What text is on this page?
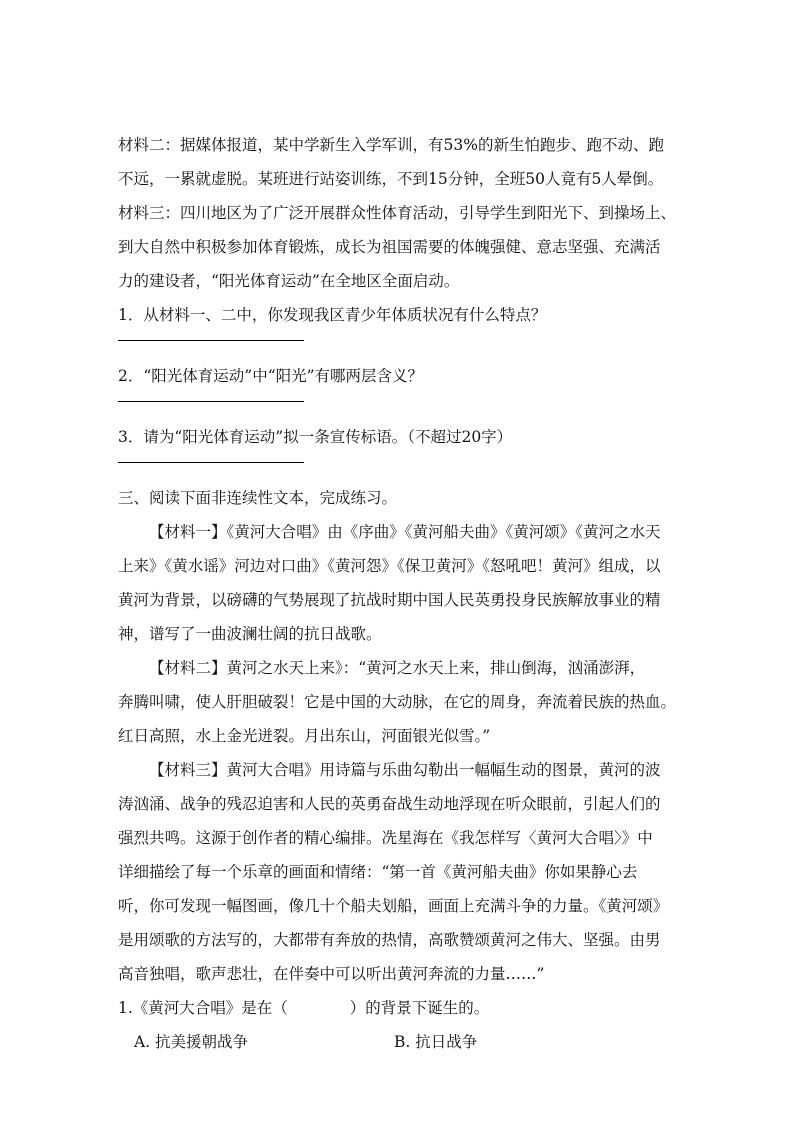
材料二：据媒体报道，某中学新生入学军训，有53%的新生怕跑步、跑不动、跑

不远，一累就虚脱。某班进行站姿训练，不到15分钟，全班50人竟有5人晕倒。

材料三：四川地区为了广泛开展群众性体育活动，引导学生到阳光下、到操场上、

到大自然中积极参加体育锻炼，成长为祖国需要的体魄强健、意志坚强、充满活

力的建设者，“阳光体育运动”在全地区全面启动。

1．从材料一、二中，你发现我区青少年体质状况有什么特点？

2．“阳光体育运动”中“阳光”有哪两层含义？

3．请为“阳光体育运动”拟一条宣传标语。（不超过20字）

三、阅读下面非连续性文本，完成练习。

【材料一】《黄河大合唱》由《序曲》《黄河船夫曲》《黄河颂》《黄河之水天

上来》《黄水谣》河边对口曲》《黄河怨》《保卫黄河》《怒吼吧！黄河》组成，以

黄河为背景，以磅礴的气势展现了抗战时期中国人民英勇投身民族解放事业的精

神，谱写了一曲波澜壮阔的抗日战歌。

【材料二】黄河之水天上来》：“黄河之水天上来，排山倒海，汹涌澎湃，

奔腾叫啸，使人肝胆破裂！它是中国的大动脉，在它的周身，奔流着民族的热血。

红日高照，水上金光迸裂。月出东山，河面银光似雪。”

【材料三】黄河大合唱》用诗篇与乐曲勾勒出一幅幅生动的图景，黄河的波

涛汹涌、战争的残忍迫害和人民的英勇奋战生动地浮现在听众眼前，引起人们的

强烈共鸣。这源于创作者的精心编排。冼星海在《我怎样写〈黄河大合唱〉》中

详细描绘了每一个乐章的画面和情绪：“第一首《黄河船夫曲》你如果静心去

听，你可发现一幅图画，像几十个船夫划船，画面上充满斗争的力量。《黄河颂》

是用颂歌的方法写的，大都带有奔放的热情，高歌赞颂黄河之伟大、坚强。由男

高音独唱，歌声悲壮，在伴奏中可以听出黄河奔流的力量……”

1.《黄河大合唱》是在（　　　　）的背景下诞生的。

A. 抗美援朝战争	B. 抗日战争
